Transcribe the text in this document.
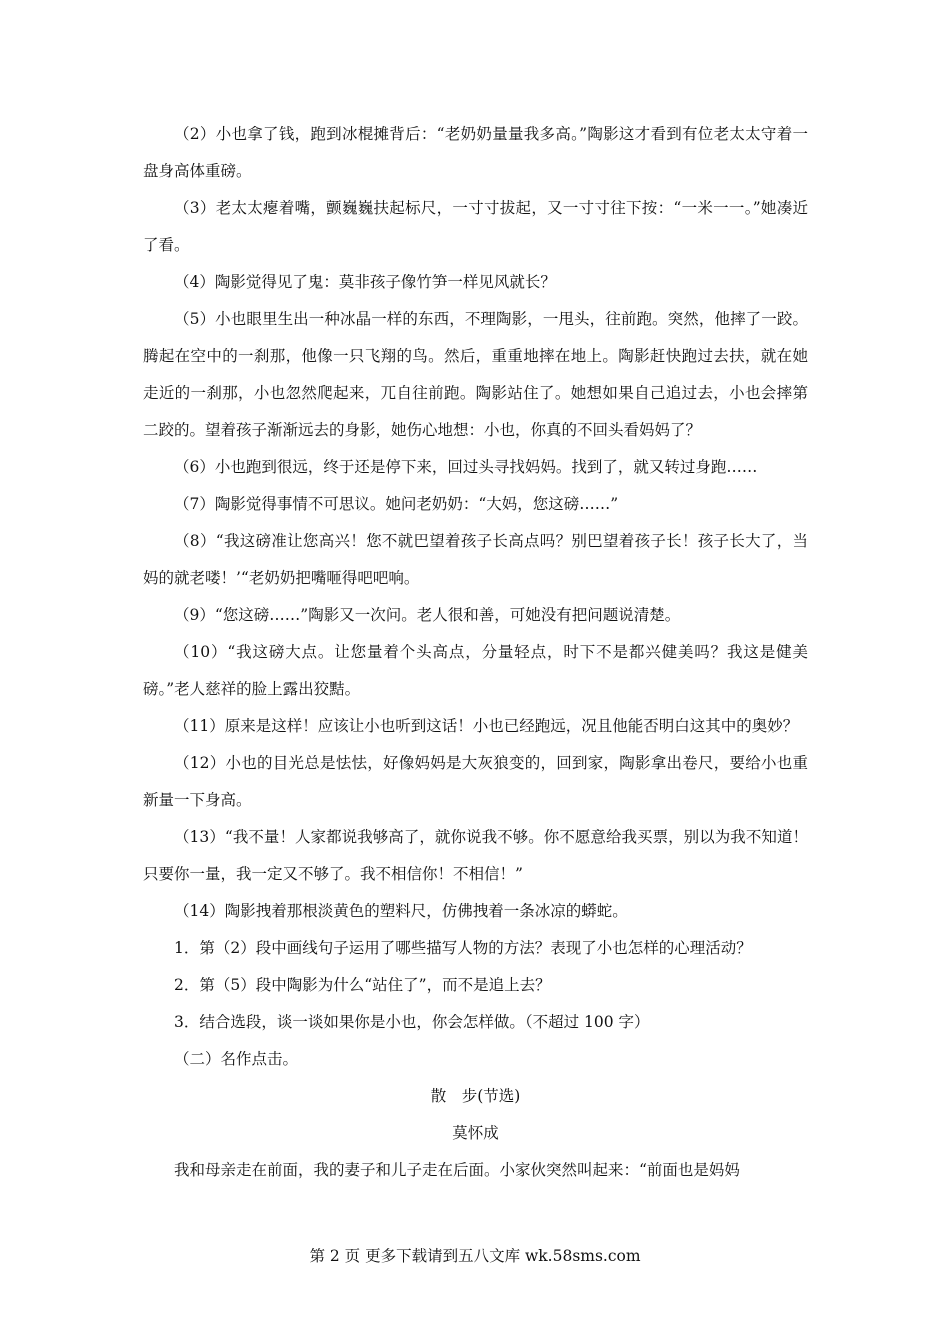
（2）小也拿了钱，跑到冰棍摊背后：“老奶奶量量我多高。”陶影这才看到有位老太太守着一盘身高体重磅。

（3）老太太瘪着嘴，颤巍巍扶起标尺，一寸寸拔起，又一寸寸往下按：“一米一一。”她凑近了看。

（4）陶影觉得见了鬼：莫非孩子像竹笋一样见风就长？

（5）小也眼里生出一种冰晶一样的东西，不理陶影，一甩头，往前跑。突然，他摔了一跤。腾起在空中的一刹那，他像一只飞翔的鸟。然后，重重地摔在地上。陶影赶快跑过去扶，就在她走近的一刹那，小也忽然爬起来，兀自往前跑。陶影站住了。她想如果自己追过去，小也会摔第二跤的。望着孩子渐渐远去的身影，她伤心地想：小也，你真的不回头看妈妈了？

（6）小也跑到很远，终于还是停下来，回过头寻找妈妈。找到了，就又转过身跑……

（7）陶影觉得事情不可思议。她问老奶奶：“大妈，您这磅……”

（8）“我这磅准让您高兴！您不就巴望着孩子长高点吗？别巴望着孩子长！孩子长大了，当妈的就老喽！’“老奶奶把嘴咂得吧吧响。

（9）“您这磅……”陶影又一次问。老人很和善，可她没有把问题说清楚。

（10）“我这磅大点。让您量着个头高点，分量轻点，时下不是都兴健美吗？我这是健美磅。”老人慈祥的脸上露出狡黠。

（11）原来是这样！应该让小也听到这话！小也已经跑远，况且他能否明白这其中的奥妙？

（12）小也的目光总是怯怯，好像妈妈是大灰狼变的，回到家，陶影拿出卷尺，要给小也重新量一下身高。

（13）“我不量！人家都说我够高了，就你说我不够。你不愿意给我买票，别以为我不知道！只要你一量，我一定又不够了。我不相信你！不相信！”

（14）陶影拽着那根淡黄色的塑料尺，仿佛拽着一条冰凉的蟒蛇。

1．第（2）段中画线句子运用了哪些描写人物的方法？表现了小也怎样的心理活动？

2．第（5）段中陶影为什么“站住了”，而不是追上去？

3．结合选段，谈一谈如果你是小也，你会怎样做。（不超过 100 字）

（二）名作点击。

散　步(节选)

莫怀成

我和母亲走在前面，我的妻子和儿子走在后面。小家伙突然叫起来：“前面也是妈妈

第 2 页 更多下载请到五八文库 wk.58sms.com
